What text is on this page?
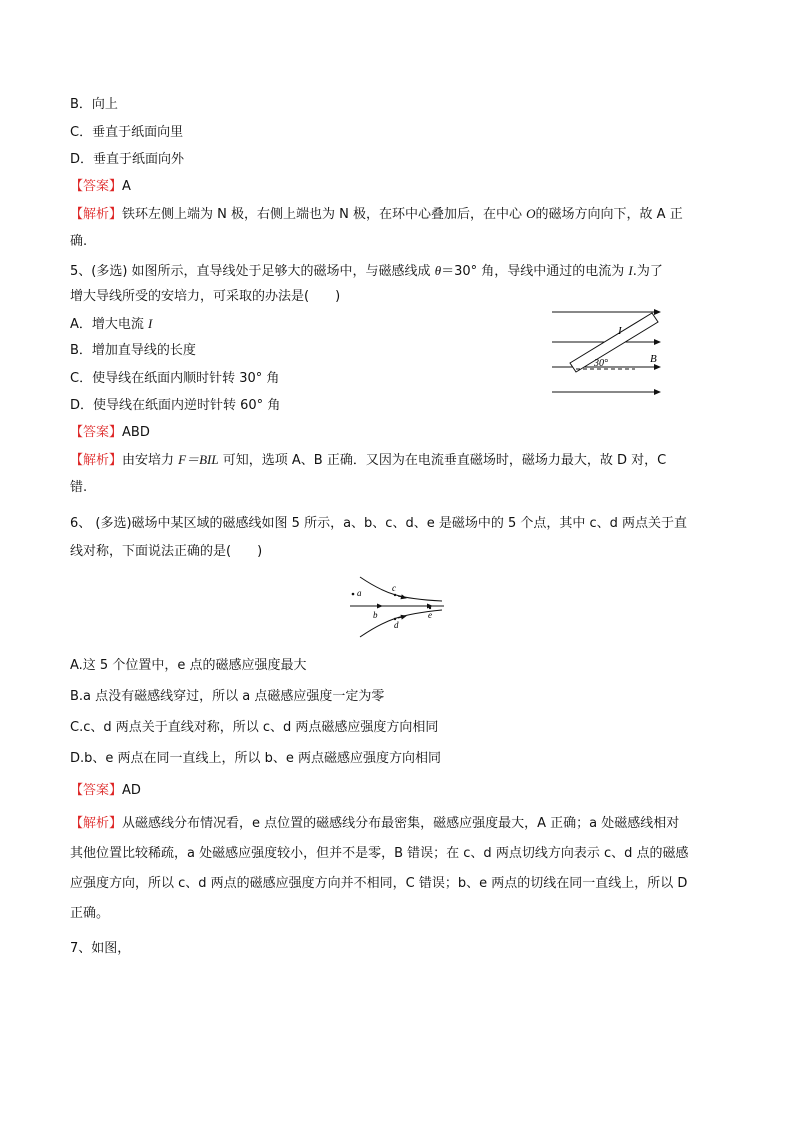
B．向上
C．垂直于纸面向里
D．垂直于纸面向外
【答案】A
【解析】铁环左侧上端为 N 极，右侧上端也为 N 极，在环中心叠加后，在中心 O的磁场方向向下，故 A 正
确.
5、(多选) 如图所示，直导线处于足够大的磁场中，与磁感线成 θ＝30° 角，导线中通过的电流为 I.为了
增大导线所受的安培力，可采取的办法是(　　)
A．增大电流 I
B．增加直导线的长度
C．使导线在纸面内顺时针转 30° 角
D．使导线在纸面内逆时针转 60° 角
I
30°	B
【答案】ABD
【解析】由安培力 F＝BIL 可知，选项 A、B 正确．又因为在电流垂直磁场时，磁场力最大，故 D 对，C
错.
6、 (多选)磁场中某区域的磁感线如图 5 所示，a、b、c、d、e 是磁场中的 5 个点，其中 c、d 两点关于直
线对称，下面说法正确的是(　　)
a	c
b	e
d
A.这 5 个位置中，e 点的磁感应强度最大
B.a 点没有磁感线穿过，所以 a 点磁感应强度一定为零
C.c、d 两点关于直线对称，所以 c、d 两点磁感应强度方向相同
D.b、e 两点在同一直线上，所以 b、e 两点磁感应强度方向相同
【答案】AD
【解析】从磁感线分布情况看，e 点位置的磁感线分布最密集，磁感应强度最大，A 正确；a 处磁感线相对
其他位置比较稀疏，a 处磁感应强度较小，但并不是零，B 错误；在 c、d 两点切线方向表示 c、d 点的磁感
应强度方向，所以 c、d 两点的磁感应强度方向并不相同，C 错误；b、e 两点的切线在同一直线上，所以 D
正确。
7、如图，
